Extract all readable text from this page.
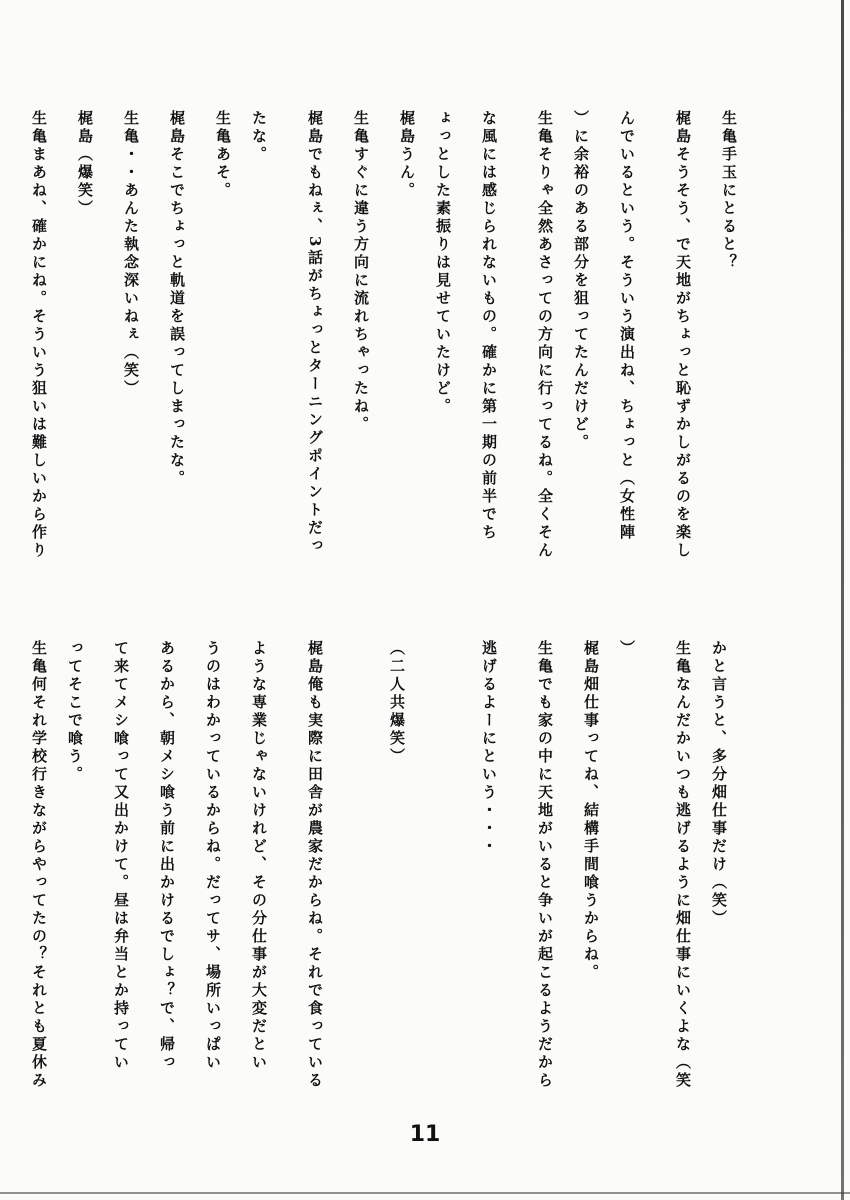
生亀手玉にとると？
梶島そうそう、で天地がちょっと恥ずかしがるのを楽し
んでいるという。そういう演出ね、ちょっと（女性陣
）に余裕のある部分を狙ってたんだけど。
生亀そりゃ全然あさっての方向に行ってるね。全くそん
な風には感じられないもの。確かに第一期の前半でち
ょっとした素振りは見せていたけど。
梶島うん。
生亀すぐに違う方向に流れちゃったね。
梶島でもねぇ、3話がちょっとターニングポイントだっ
たな。
生亀あそ。
梶島そこでちょっと軌道を誤ってしまったな。
生亀・・あんた執念深いねぇ（笑）
梶島（爆笑）
生亀まあね、確かにね。そういう狙いは難しいから作り
かと言うと、多分畑仕事だけ（笑）
生亀なんだかいつも逃げるように畑仕事にいくよな（笑
）
梶島畑仕事ってね、結構手間喰うからね。
生亀でも家の中に天地がいると争いが起こるようだから
逃げるよーにという・・・
（二人共爆笑）
梶島俺も実際に田舎が農家だからね。それで食っている
ような専業じゃないけれど、その分仕事が大変だとい
うのはわかっているからね。だってサ、場所いっぱい
あるから、朝メシ喰う前に出かけるでしょ？で、帰っ
て来てメシ喰って又出かけて。昼は弁当とか持ってい
ってそこで喰う。
生亀何それ学校行きながらやってたの？それとも夏休み
11
